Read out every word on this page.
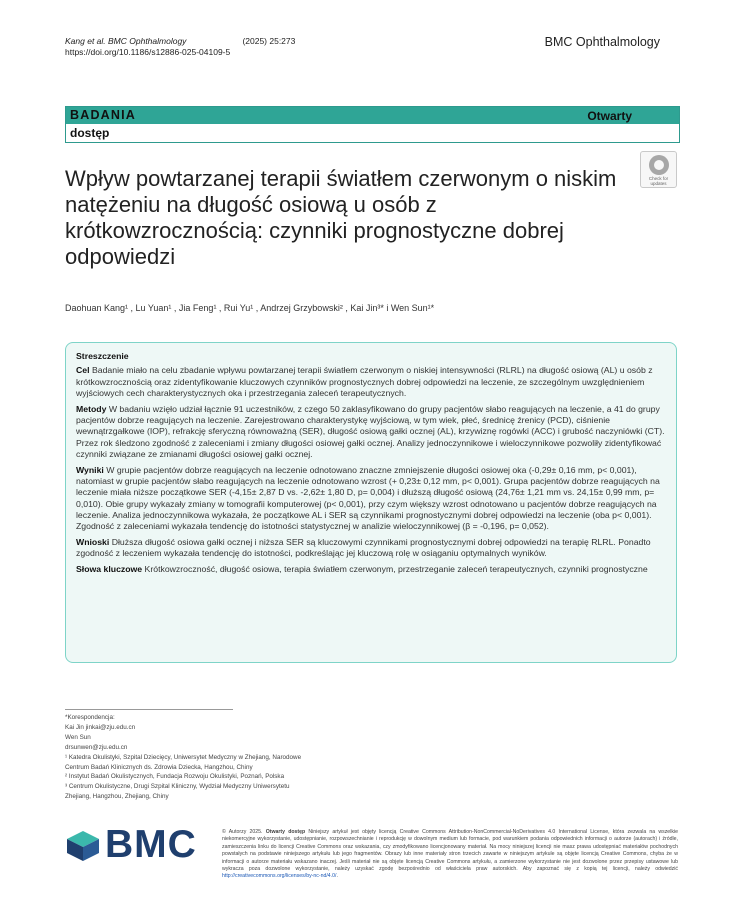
Kang et al. BMC Ophthalmology	(2025) 25:273
https://doi.org/10.1186/s12886-025-04109-5
BMC Ophthalmology
BADANIA	Otwarty
dostęp
Wpływ powtarzanej terapii światłem czerwonym o niskim natężeniu na długość osiową u osób z krótkowzrocznością: czynniki prognostyczne dobrej odpowiedzi
Check for updates
Daohuan Kang¹ , Lu Yuan¹ , Jia Feng¹ , Rui Yu¹ , Andrzej Grzybowski² , Kai Jin³* i Wen Sun¹*
Streszczenie

Cel Badanie miało na celu zbadanie wpływu powtarzanej terapii światłem czerwonym o niskiej intensywności (RLRL) na długość osiową (AL) u osób z krótkowzrocznością oraz zidentyfikowanie kluczowych czynników prognostycznych dobrej odpowiedzi na leczenie, ze szczególnym uwzględnieniem wyjściowych cech charakterystycznych oka i przestrzegania zaleceń terapeutycznych.

Metody W badaniu wzięło udział łącznie 91 uczestników, z czego 50 zaklasyfikowano do grupy pacjentów słabo reagujących na leczenie, a 41 do grupy pacjentów dobrze reagujących na leczenie. Zarejestrowano charakterystykę wyjściową, w tym wiek, płeć, średnicę źrenicy (PCD), ciśnienie wewnątrzgałkowe (IOP), refrakcję sferyczną równoważną (SER), długość osiową gałki ocznej (AL), krzywiznę rogówki (ACC) i grubość naczyniówki (CT). Przez rok śledzono zgodność z zaleceniami i zmiany długości osiowej gałki ocznej. Analizy jednoczynnikowe i wieloczynnikowe pozwoliły zidentyfikować czynniki związane ze zmianami długości osiowej gałki ocznej.

Wyniki W grupie pacjentów dobrze reagujących na leczenie odnotowano znaczne zmniejszenie długości osiowej oka (-0,29± 0,16 mm, p< 0,001), natomiast w grupie pacjentów słabo reagujących na leczenie odnotowano wzrost (+ 0,23± 0,12 mm, p< 0,001). Grupa pacjentów dobrze reagujących na leczenie miała niższe początkowe SER (-4,15± 2,87 D vs. -2,62± 1,80 D, p= 0,004) i dłuższą długość osiową (24,76± 1,21 mm vs. 24,15± 0,99 mm, p= 0,010). Obie grupy wykazały zmiany w tomografii komputerowej (p< 0,001), przy czym większy wzrost odnotowano u pacjentów dobrze reagujących na leczenie. Analiza jednoczynnikowa wykazała, że początkowe AL i SER są czynnikami prognostycznymi dobrej odpowiedzi na leczenie (oba p< 0,001). Zgodność z zaleceniami wykazała tendencję do istotności statystycznej w analizie wieloczynnikowej (β = -0,196, p= 0,052).

Wnioski Dłuższa długość osiowa gałki ocznej i niższa SER są kluczowymi czynnikami prognostycznymi dobrej odpowiedzi na terapię RLRL. Ponadto zgodność z leczeniem wykazała tendencję do istotności, podkreślając jej kluczową rolę w osiąganiu optymalnych wyników.

Słowa kluczowe Krótkowzroczność, długość osiowa, terapia światłem czerwonym, przestrzeganie zaleceń terapeutycznych, czynniki prognostyczne

*Korespondencja:
Kai Jin jinkai@zju.edu.cn
Wen Sun
drsunwen@zju.edu.cn
¹ Katedra Okulistyki, Szpital Dziecięcy, Uniwersytet Medyczny w Zhejiang, Narodowe
Centrum Badań Klinicznych ds. Zdrowia Dziecka, Hangzhou, Chiny
² Instytut Badań Okulistycznych, Fundacja Rozwoju Okulistyki, Poznań, Polska
³ Centrum Okulistyczne, Drugi Szpital Kliniczny, Wydział Medyczny Uniwersytetu
Zhejiang, Hangzhou, Zhejiang, Chiny
BMC	© Autorzy 2025. Otwarty dostęp Niniejszy artykuł jest objęty licencją Creative Commons Attribution-NonCommercial-NoDerivatives 4.0 International License, która zezwala na wszelkie niekomercyjne wykorzystanie, udostępnianie, rozpowszechnianie i reprodukcję w dowolnym medium lub formacie, pod warunkiem podania odpowiednich informacji o autorze (autorach) i źródle, zamieszczenia linku do licencji Creative Commons oraz wskazania, czy zmodyfikowano licencjonowany materiał. Na mocy niniejszej licencji nie masz prawa udostępniać materiałów pochodnych powstałych na podstawie niniejszego artykułu lub jego fragmentów. Obrazy lub inne materiały stron trzecich zawarte w niniejszym artykule są objęte licencją Creative Commons, chyba że w informacji o autorze materiału wskazano inaczej. Jeśli materiał nie są objęte licencją Creative Commons artykułu, a zamierzone wykorzystanie nie jest dozwolone przez przepisy ustawowe lub wykracza poza dozwolone wykorzystanie, należy uzyskać zgodę bezpośrednio od właściciela praw autorskich. Aby zapoznać się z kopią tej licencji, należy odwiedzić http://creativecommons.org/licenses/by-nc-nd/4.0/.
